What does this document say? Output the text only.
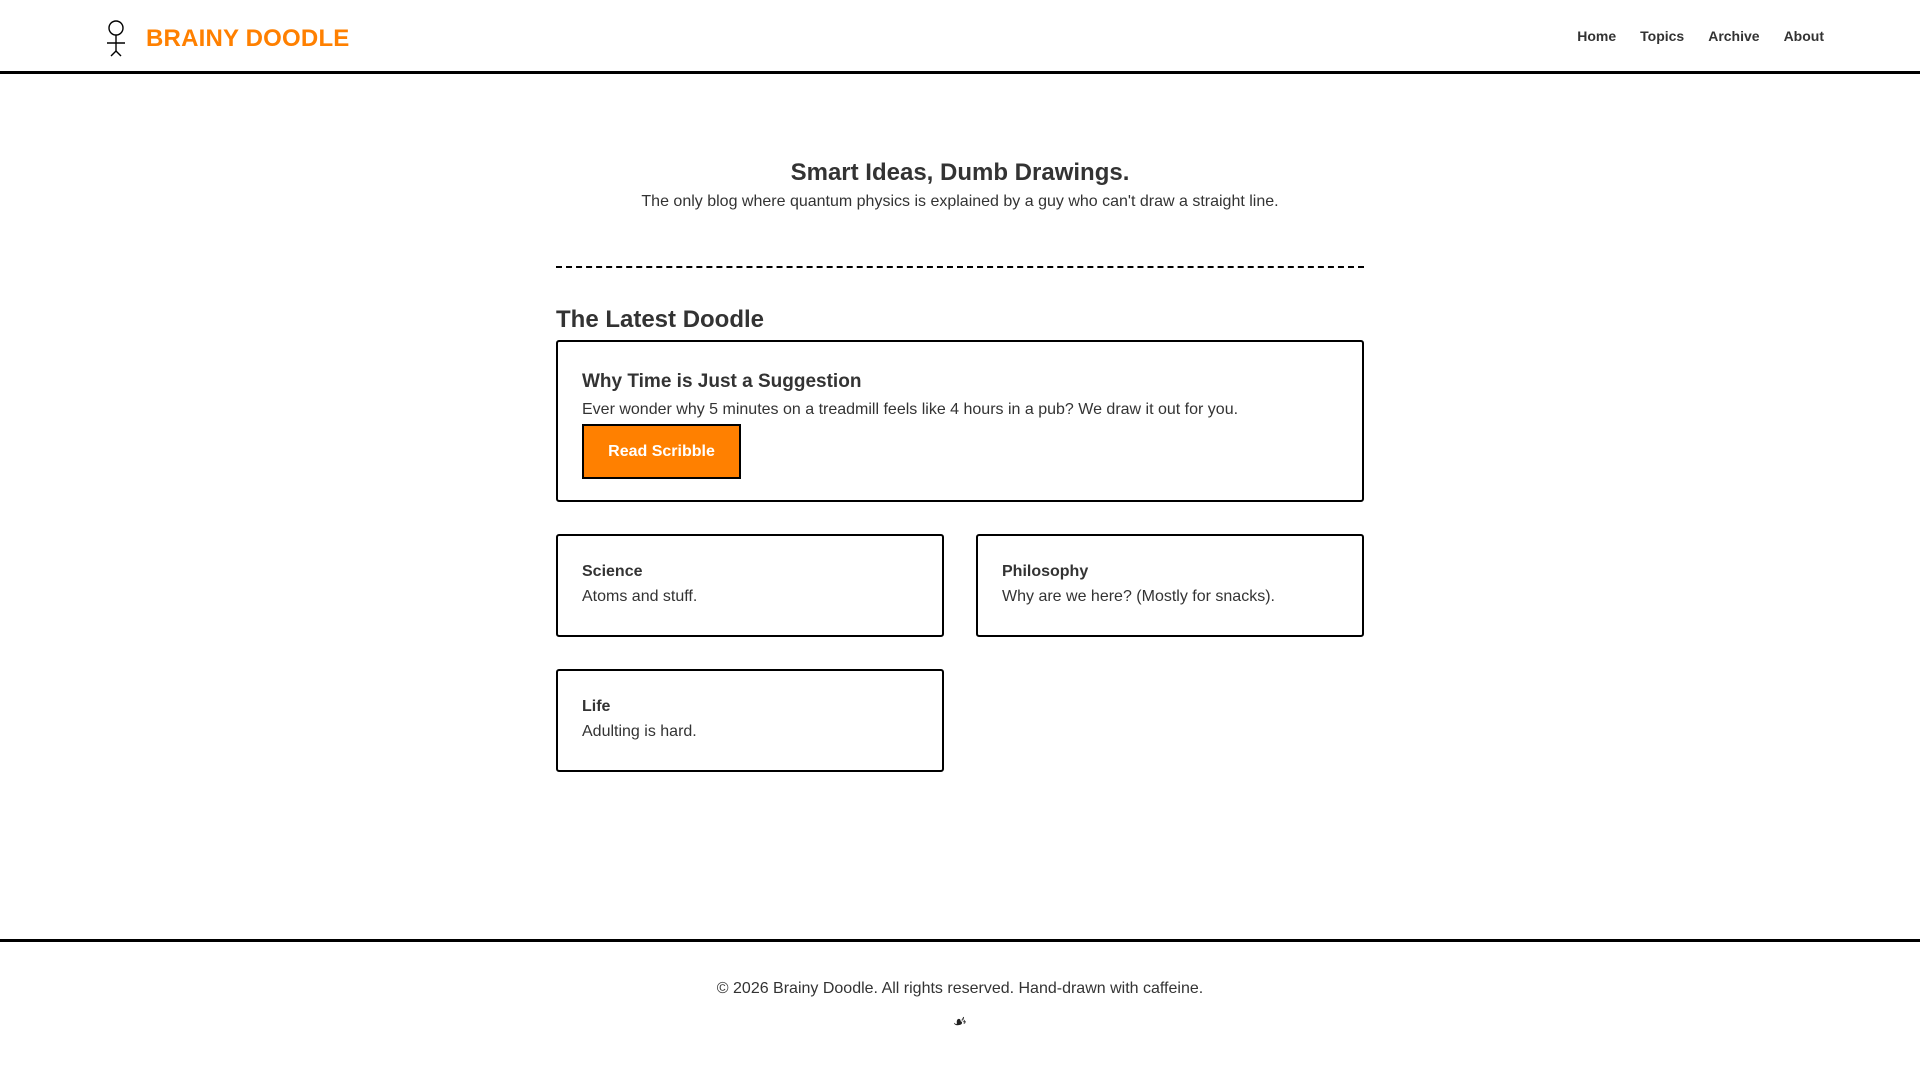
BRAINY DOODLE	Home Topics Archive About
Smart Ideas, Dumb Drawings.

The only blog where quantum physics is explained by a guy who can't draw a straight line.

The Latest Doodle
Why Time is Just a Suggestion

Ever wonder why 5 minutes on a treadmill feels like 4 hours in a pub? We draw it out for you.

Read Scribble
Science
Atoms and stuff.
Philosophy
Why are we here? (Mostly for snacks).
Life
Adulting is hard.

© 2026 Brainy Doodle. All rights reserved. Hand-drawn with caffeine.

☙
